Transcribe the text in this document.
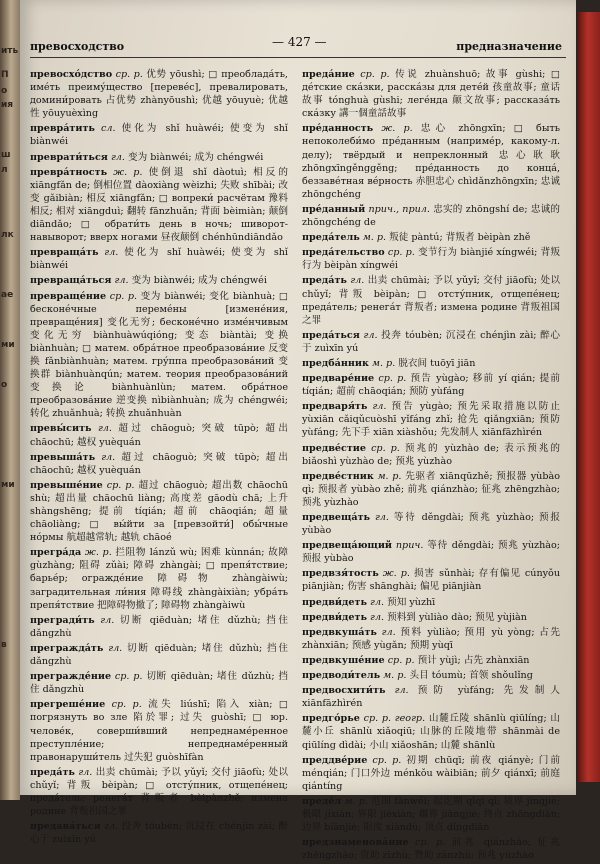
ить
П
о
ия
ш
л
лк
ае
ми
о
ми
в
превосходство	— 427 —	предназначение

превосхо́дство ср. р. 优势 yōushì; □ преоблада́ть, име́ть преиму́щество [переве́с], превалировать, домини́ровать 占优势 zhànyōushì; 优越 yōuyuè; 优越性 yōuyuèxìng

превра́тить сл. 使化为 shǐ huàwéi; 使变为 shǐ biànwéi

преврати́ться гл. 变为 biànwéi; 成为 chéngwéi

превра́тность ж. р. 使倒退 shǐ dàotuì; 相反的 xiāngfǎn de; 倒相位置 dàoxiàng wèizhi; 失败 shībài; 改变 gǎibiàn; 相反 xiāngfǎn; □ вопреки́ расчётам 豫料相反; 相对 xiāngduì; 翻转 fānzhuǎn; 背面 bèimiàn; 颠倒 diāndǎo; □ обрати́ть день в ночь; шиворот-навыворот; вверх ногами 昼夜颠倒 chénhūndiāndǎo

превраща́ть гл. 使化为 shǐ huàwéi; 使变为 shǐ biànwéi

превраща́ться гл. 变为 biànwéi; 成为 chéngwéi

превраще́ние ср. р. 变为 biànwéi; 变化 biànhuà; □ бесконе́чные переме́ны [измене́ния, превраще́ния] 变化无穷; бесконе́чно изме́нчивым 变化无穷 biànhuàwúqióng; 变态 biàntài; 变换 biànhuàn; □ матем. обра́тное преобразова́ние 反变换 fǎnbiànhuàn; матем. гру́ппа преобразова́ний 变换群 biànhuànqún; матем. теория преобразова́ний 变换论 biànhuànlùn; матем. обра́тное преобразова́ние 逆变换 nìbiànhuàn; 成为 chéngwéi; 转化 zhuǎnhuà; 转换 zhuǎnhuàn

превы́сить гл. 超过 chāoguò; 突破 tūpò; 超出 chāochū; 越权 yuèquán

превыша́ть гл. 超过 chāoguò; 突破 tūpò; 超出 chāochū; 越权 yuèquán

превыше́ние ср. р. 超过 chāoguò; 超出数 chāochū shù; 超出量 chāochū liàng; 高度差 gāodù chā; 上升 shàngshēng; 提前 tíqián; 超前 chāoqián; 超量 chāoliàng; □ вы́йти за [превзойти́] обы́чные но́рмы 航超越常轨; 越轨 chāoé

прегра́да ж. р. 拦阻物 lánzǔ wù; 困难 kùnnán; 故障 gùzhàng; 阻碍 zǔài; 障碍 zhàngài; □ препя́тствие; барье́р; огражде́ние 障碍物 zhàngàiwù; заградительная ли́ния 障碍线 zhàngàixiàn; убра́ть препя́тствие 把障碍物撤了; 障碍物 zhàngàiwù

прегради́ть гл. 切断 qiēduàn; 堵住 dǔzhù; 挡住 dǎngzhù

прегражда́ть гл. 切断 qiēduàn; 堵住 dǔzhù; 挡住 dǎngzhù

прегражде́ние ср. р. 切断 qiēduàn; 堵住 dǔzhù; 挡住 dǎngzhù

прегреше́ние ср. р. 流失 liúshī; 陷入 xiàn; □ погрязнуть во зле 陷於罪; 过失 guòshī; □ юр. челове́к, соверши́вший непреднаме́ренное преступле́ние; непреднаме́ренный правонаруши́тель 过失犯 guòshīfàn

преда́ть гл. 出卖 chūmài; 予以 yǔyǐ; 交付 jiāofù; 处以 chǔyǐ; 背叛 bèipàn; □ отсту́пник, отщепе́нец; преда́тель; ренега́т 背叛者 bèipànzhě; измена родине 背叛祖国之罪

предава́ться гл. 投奔 tóubèn; 沉浸在 chénjìn zài; 醉心于 zuìxīn yú

преда́ние ср. р. 传说 zhuànshuō; 故事 gùshi; □ де́тские ска́зки, расска́зы для дете́й 孩童故事; 童话故事 tónghuà gùshi; леге́нда 颠文故事; рассказа́ть ска́зку 講一個童話故事

пре́данность ж. р. 忠心 zhōngxīn; □ быть непоколеби́мо пре́данным (наприме́р, какому-л. делу); твёрдый и непреклонный 忠心耿耿 zhōngxīngěnggěng; пре́данность до конца́, беззаве́тная ве́рность 赤胆忠心 chìdǎnzhōngxīn; 忠诚 zhōngchéng

пре́данный прич., прил. 忠实的 zhōngshí de; 忠诚的 zhōngchéng de

преда́тель м. р. 叛徒 pàntú; 背叛者 bèipàn zhě

преда́тельство ср. р. 变节行为 biànjié xíngwéi; 背叛行为 bèipàn xíngwéi

преда́ть гл. 出卖 chūmài; 予以 yǔyǐ; 交付 jiāofù; 处以 chǔyǐ; 背叛 bèipàn; □ отсту́пник, отщепе́нец; преда́тель; ренега́т 背叛者; измена родине 背叛祖国之罪

преда́ться гл. 投奔 tóubèn; 沉浸在 chénjìn zài; 醉心于 zuìxīn yú

предба́нник м. р. 脱衣间 tuōyī jiān

предваре́ние ср. р. 预告 yùgào; 移前 yí qián; 提前 tíqián; 超前 chāoqián; 预防 yùfáng

предваря́ть гл. 预告 yùgào; 预先采取措施以防止 yùxiān cǎiqǔcuòshī yǐfáng zhǐ; 抢先 qiǎngxiān; 预防 yùfáng; 先下手 xiān xiàshǒu; 先发制人 xiānfāzhìrén

предве́стие ср. р. 预兆的 yùzhào de; 表示预兆的 biǎoshì yùzhào de; 预兆 yùzhào

предве́стник м. р. 先驱者 xiānqūzhě; 预报器 yùbào qì; 预报者 yùbào zhě; 前兆 qiánzhào; 征兆 zhēngzhào; 预兆 yùzhào

предвеща́ть гл. 等待 děngdài; 预兆 yùzhào; 预报 yùbào

предвеща́ющий прич. 等待 děngdài; 预兆 yùzhào; 预报 yùbào

предвзя́тость ж. р. 损害 sǔnhài; 存有偏见 cúnyǒu piānjiàn; 伤害 shānghài; 偏见 piānjiàn

предви́деть гл. 预知 yùzhī

предви́деть гл. 预料到 yùliào dào; 预见 yùjiàn

предвкуша́ть гл. 预料 yùliào; 预用 yù yòng; 占先 zhànxiān; 预感 yùgǎn; 预期 yùqī

предвкуше́ние ср. р. 预计 yùjì; 占先 zhànxiān

предводи́тель м. р. 头目 tóumù; 首领 shǒulǐng

предвосхити́ть гл. 预防 yùfáng; 先发制人 xiānfāzhìrén

предго́рье ср. р. геогр. 山麓丘陵 shānlù qiūlíng; 山麓小丘 shānlù xiǎoqiū; 山脉的丘陵地带 shānmài de qiūlíng dìdài; 小山 xiǎoshān; 山麓 shānlù

преддве́рие ср. р. 初期 chūqī; 前夜 qiányè; 门前 ménqián; 门口外边 ménkǒu wàibiān; 前夕 qiánxī; 前庭 qiántíng

преде́л м. р. 范围 fànwéi; 起讫期 qǐqì qī; 境界 jìngjiè; 极限 jíxiàn; 界限 jièxiàn; 疆界 jiāngjiè; 终点 zhōngdiǎn; 边界 biānjiè; 限度 xiàndù; 顶点 dǐngdiǎn

предзнаменова́ние ср. р. 前兆 qiánzhào; 征兆 zhēngzhào; 资助 zīzhù; 赞助 zànzhù; 预兆 yùzhào
